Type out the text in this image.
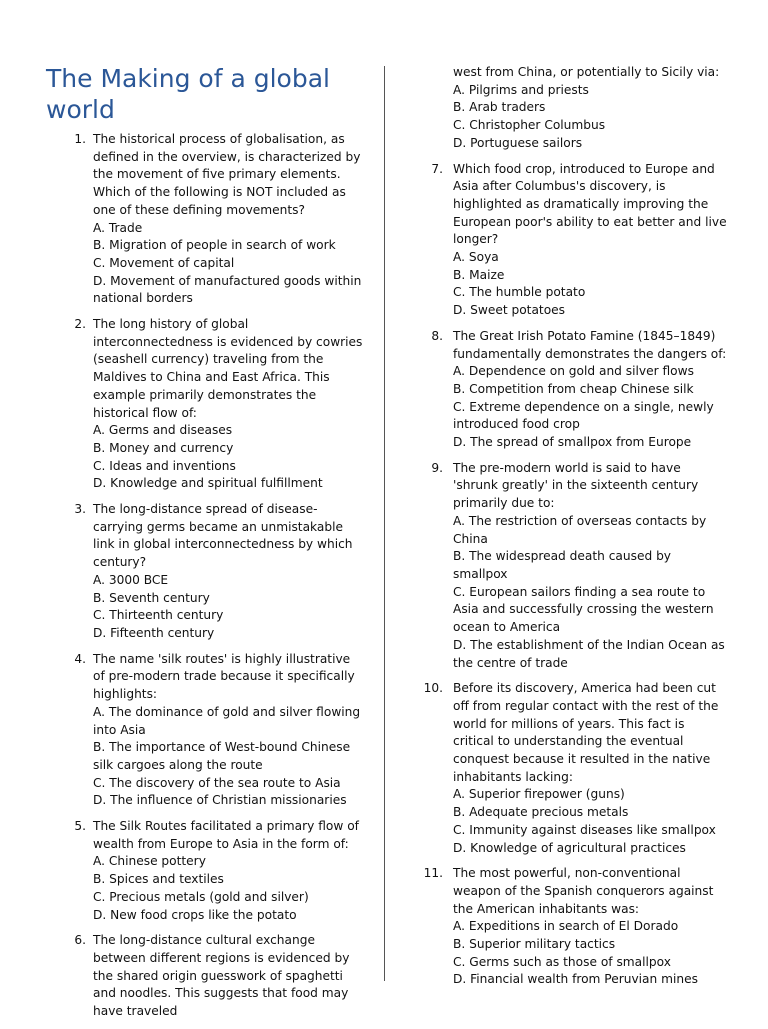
The Making of a global world
1 . The historical process of globalisation, as defined in the overview, is characterized by the movement of five primary elements. Which of the following is NOT included as one of these defining movements?
A. Trade
B. Migration of people in search of work
C. Movement of capital
D. Movement of manufactured goods within national borders
2 . The long history of global interconnectedness is evidenced by cowries (seashell currency) traveling from the Maldives to China and East Africa. This example primarily demonstrates the historical flow of:
A. Germs and diseases
B. Money and currency
C. Ideas and inventions
D. Knowledge and spiritual fulfillment
3 . The long-distance spread of disease-carrying germs became an unmistakable link in global interconnectedness by which century?
A. 3000 BCE
B. Seventh century
C. Thirteenth century
D. Fifteenth century
4 . The name 'silk routes' is highly illustrative of pre-modern trade because it specifically highlights:
A. The dominance of gold and silver flowing into Asia
B. The importance of West-bound Chinese silk cargoes along the route
C. The discovery of the sea route to Asia
D. The influence of Christian missionaries
5 . The Silk Routes facilitated a primary flow of wealth from Europe to Asia in the form of:
A. Chinese pottery
B. Spices and textiles
C. Precious metals (gold and silver)
D. New food crops like the potato
6 . The long-distance cultural exchange between different regions is evidenced by the shared origin guesswork of spaghetti and noodles. This suggests that food may have traveled
west from China, or potentially to Sicily via:
A. Pilgrims and priests
B. Arab traders
C. Christopher Columbus
D. Portuguese sailors
7 .	Which food crop, introduced to Europe and Asia after Columbus's discovery, is highlighted as dramatically improving the European poor's ability to eat better and live longer?
A. Soya
B. Maize
C. The humble potato
D. Sweet potatoes
8 .	The Great Irish Potato Famine (1845–1849) fundamentally demonstrates the dangers of:
A. Dependence on gold and silver flows
B. Competition from cheap Chinese silk
C. Extreme dependence on a single, newly introduced food crop
D. The spread of smallpox from Europe
9 .	The pre-modern world is said to have 'shrunk greatly' in the sixteenth century primarily due to:
A. The restriction of overseas contacts by China
B. The widespread death caused by smallpox
C. European sailors finding a sea route to Asia and successfully crossing the western ocean to America
D. The establishment of the Indian Ocean as the centre of trade
10 .	Before its discovery, America had been cut off from regular contact with the rest of the world for millions of years. This fact is critical to understanding the eventual conquest because it resulted in the native inhabitants lacking:
A. Superior firepower (guns)
B. Adequate precious metals
C. Immunity against diseases like smallpox
D. Knowledge of agricultural practices
11 .	The most powerful, non-conventional weapon of the Spanish conquerors against the American inhabitants was:
A. Expeditions in search of El Dorado
B. Superior military tactics
C. Germs such as those of smallpox
D. Financial wealth from Peruvian mines
